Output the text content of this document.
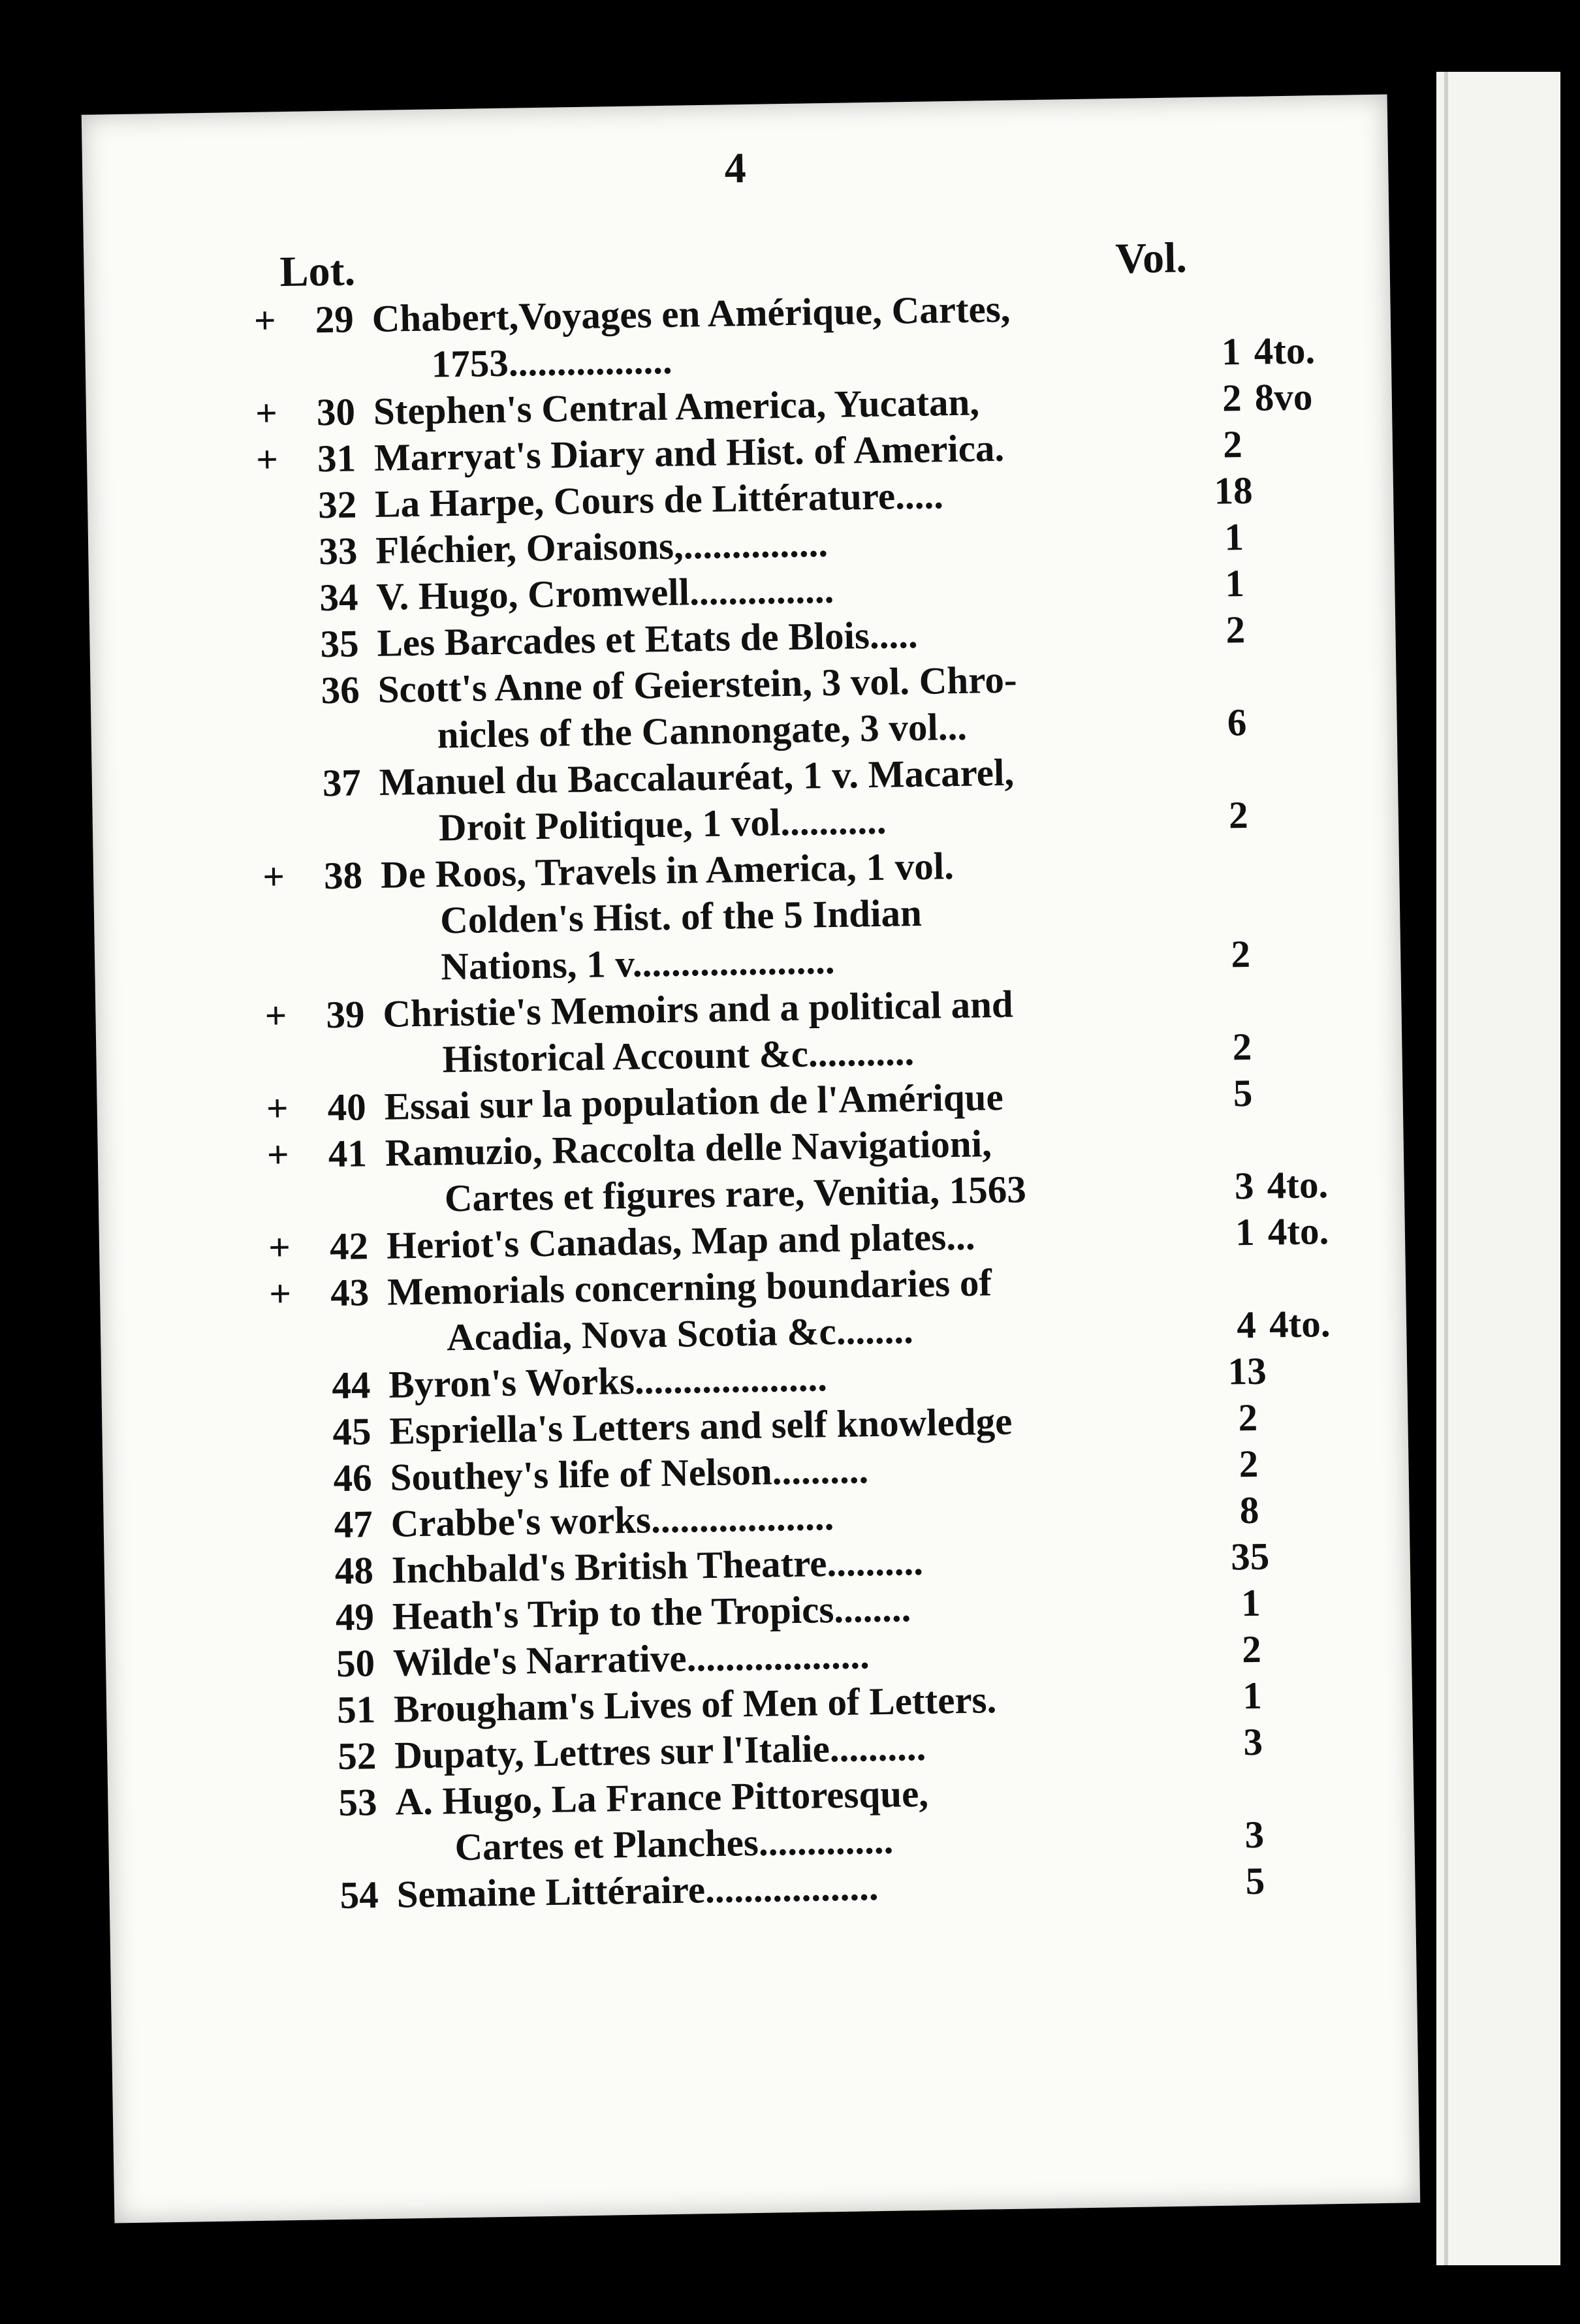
4
Lot.	Vol.
+	29 Chabert,Voyages en Amérique, Cartes,
1753.................	1 4to.
+	30 Stephen's Central America, Yucatan,	2 8vo
+	31 Marryat's Diary and Hist. of America.	2
32 La Harpe, Cours de Littérature.....	18
33 Fléchier, Oraisons,...............	1
34 V. Hugo, Cromwell...............	1
35 Les Barcades et Etats de Blois.....	2
36 Scott's Anne of Geierstein, 3 vol. Chro-
nicles of the Cannongate, 3 vol...	6
37 Manuel du Baccalauréat, 1 v. Macarel,
Droit Politique, 1 vol...........	2
+	38 De Roos, Travels in America, 1 vol.
Colden's Hist. of the 5 Indian
Nations, 1 v.....................	2
+	39 Christie's Memoirs and a political and
Historical Account &c...........	2
+	40 Essai sur la population de l'Amérique	5
+	41 Ramuzio, Raccolta delle Navigationi,
Cartes et figures rare, Venitia, 1563	3 4to.
+	42 Heriot's Canadas, Map and plates...	1 4to.
+	43 Memorials concerning boundaries of
Acadia, Nova Scotia &c........	4 4to.
44 Byron's Works....................	13
45 Espriella's Letters and self knowledge	2
46 Southey's life of Nelson..........	2
47 Crabbe's works...................	8
48 Inchbald's British Theatre..........	35
49 Heath's Trip to the Tropics........	1
50 Wilde's Narrative...................	2
51 Brougham's Lives of Men of Letters.	1
52 Dupaty, Lettres sur l'Italie..........	3
53 A. Hugo, La France Pittoresque,
Cartes et Planches..............	3
54 Semaine Littéraire..................	5
